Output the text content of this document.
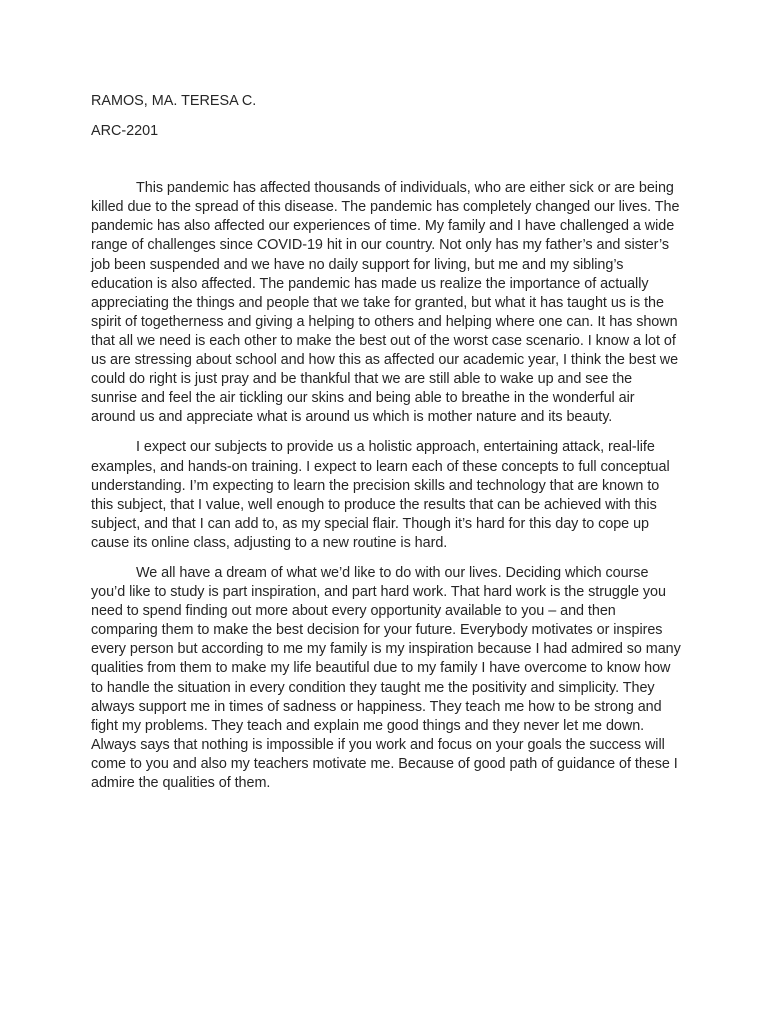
RAMOS, MA. TERESA C.

ARC-2201

This pandemic has affected thousands of individuals, who are either sick or are being killed due to the spread of this disease. The pandemic has completely changed our lives. The pandemic has also affected our experiences of time. My family and I have challenged a wide range of challenges since COVID-19 hit in our country. Not only has my father’s and sister’s job been suspended and we have no daily support for living, but me and my sibling’s education is also affected. The pandemic has made us realize the importance of actually appreciating the things and people that we take for granted, but what it has taught us is the spirit of togetherness and giving a helping to others and helping where one can. It has shown that all we need is each other to make the best out of the worst case scenario. I know a lot of us are stressing about school and how this as affected our academic year, I think the best we could do right is just pray and be thankful that we are still able to wake up and see the sunrise and feel the air tickling our skins and being able to breathe in the wonderful air around us and appreciate what is around us which is mother nature and its beauty.

I expect our subjects to provide us a holistic approach, entertaining attack, real-life examples, and hands-on training. I expect to learn each of these concepts to full conceptual understanding. I’m expecting to learn the precision skills and technology that are known to this subject, that I value, well enough to produce the results that can be achieved with this subject, and that I can add to, as my special flair. Though it’s hard for this day to cope up cause its online class, adjusting to a new routine is hard.

We all have a dream of what we’d like to do with our lives. Deciding which course you’d like to study is part inspiration, and part hard work. That hard work is the struggle you need to spend finding out more about every opportunity available to you – and then comparing them to make the best decision for your future. Everybody motivates or inspires every person but according to me my family is my inspiration because I had admired so many qualities from them to make my life beautiful due to my family I have overcome to know how to handle the situation in every condition they taught me the positivity and simplicity. They always support me in times of sadness or happiness. They teach me how to be strong and fight my problems. They teach and explain me good things and they never let me down. Always says that nothing is impossible if you work and focus on your goals the success will come to you and also my teachers motivate me. Because of good path of guidance of these I admire the qualities of them.
